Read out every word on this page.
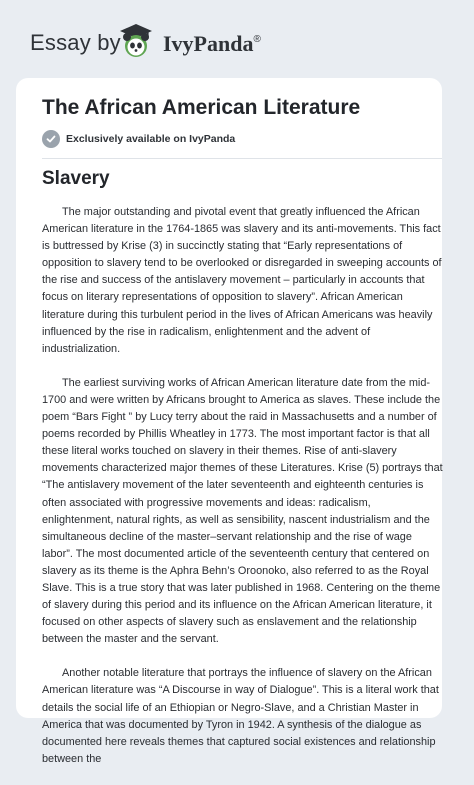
Essay by IvyPanda®
The African American Literature
Exclusively available on IvyPanda
Slavery

The major outstanding and pivotal event that greatly influenced the African American literature in the 1764-1865 was slavery and its anti-movements. This fact is buttressed by Krise (3) in succinctly stating that “Early representations of opposition to slavery tend to be overlooked or disregarded in sweeping accounts of the rise and success of the antislavery movement – particularly in accounts that focus on literary representations of opposition to slavery”. African American literature during this turbulent period in the lives of African Americans was heavily influenced by the rise in radicalism, enlightenment and the advent of industrialization.

The earliest surviving works of African American literature date from the mid-1700 and were written by Africans brought to America as slaves. These include the poem “Bars Fight ” by Lucy terry about the raid in Massachusetts and a number of poems recorded by Phillis Wheatley in 1773. The most important factor is that all these literal works touched on slavery in their themes. Rise of anti-slavery movements characterized major themes of these Literatures. Krise (5) portrays that “The antislavery movement of the later seventeenth and eighteenth centuries is often associated with progressive movements and ideas: radicalism, enlightenment, natural rights, as well as sensibility, nascent industrialism and the simultaneous decline of the master–servant relationship and the rise of wage labor”. The most documented article of the seventeenth century that centered on slavery as its theme is the Aphra Behn’s Oroonoko, also referred to as the Royal Slave. This is a true story that was later published in 1968. Centering on the theme of slavery during this period and its influence on the African American literature, it focused on other aspects of slavery such as enslavement and the relationship between the master and the servant.

Another notable literature that portrays the influence of slavery on the African American literature was “A Discourse in way of Dialogue”. This is a literal work that details the social life of an Ethiopian or Negro-Slave, and a Christian Master in America that was documented by Tyron in 1942. A synthesis of the dialogue as documented here reveals themes that captured social existences and relationship between the
